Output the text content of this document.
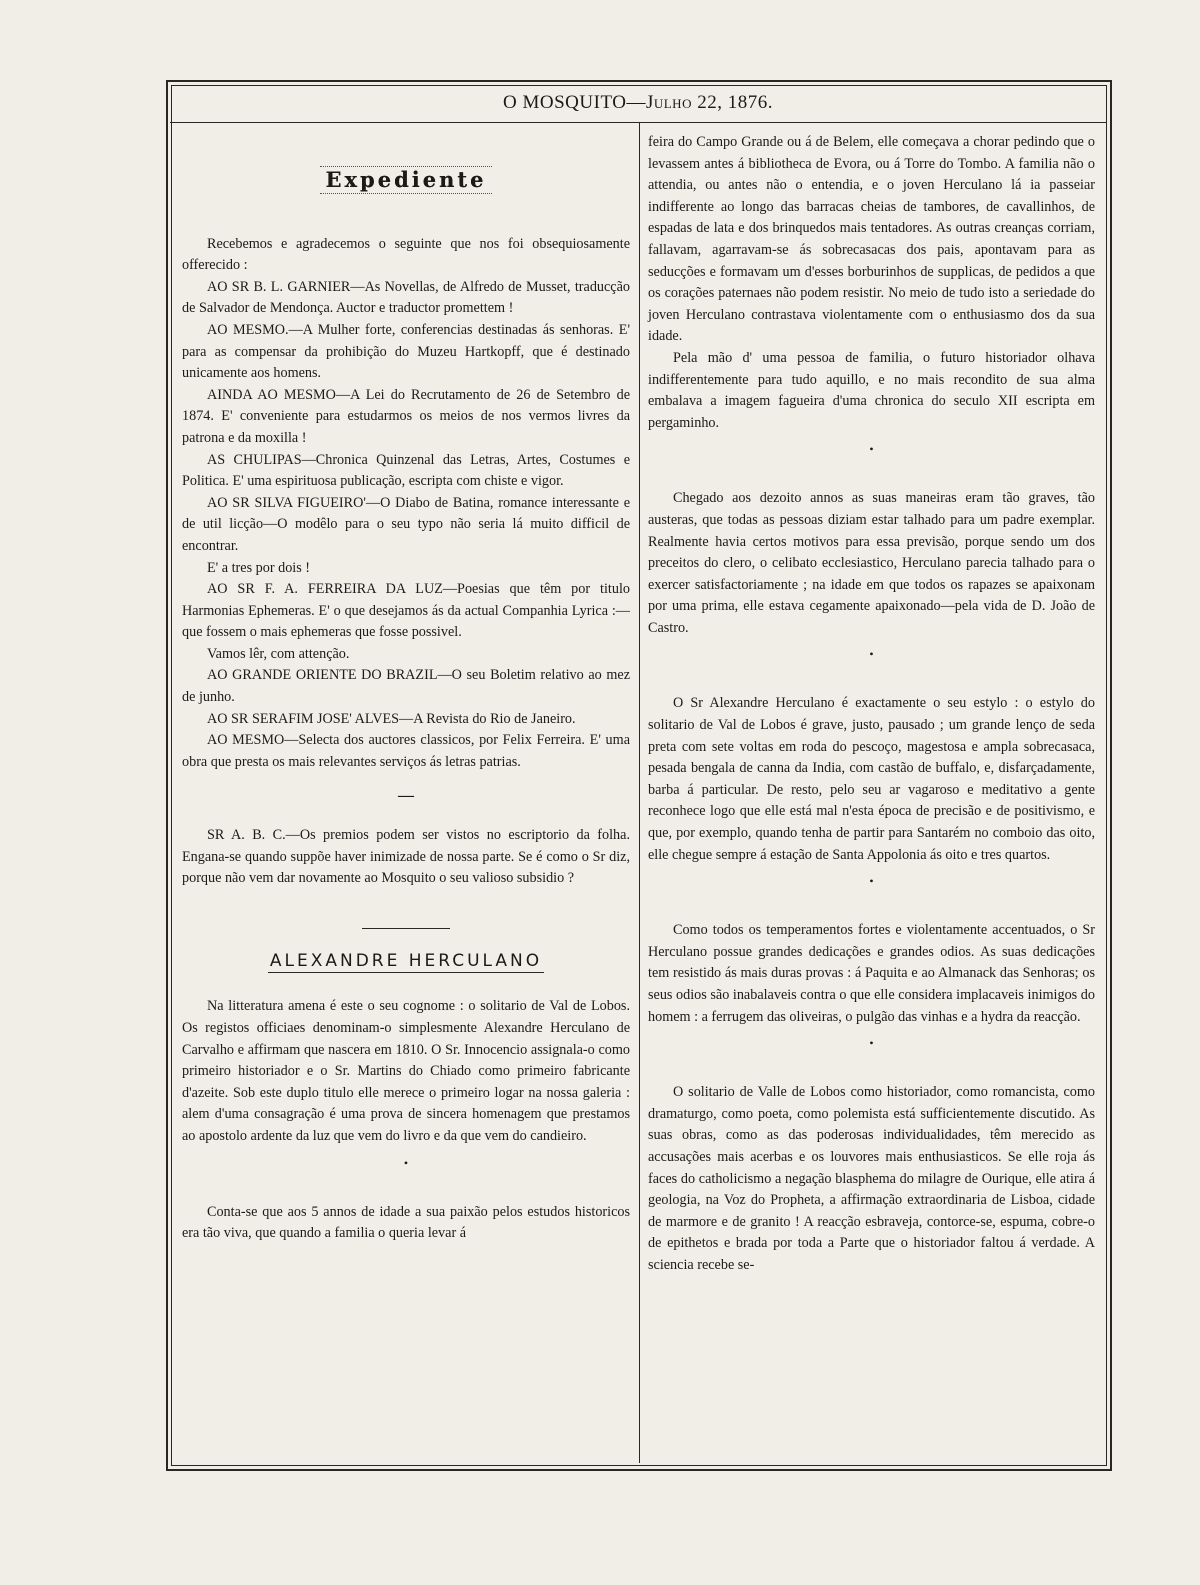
O MOSQUITO—Julho 22, 1876.
Expediente

Recebemos e agradecemos o seguinte que nos foi obsequiosamente offerecido :

AO SR B. L. GARNIER—As Novellas, de Alfredo de Musset, traducção de Salvador de Mendonça. Auctor e traductor promettem !

AO MESMO.—A Mulher forte, conferencias destinadas ás senhoras. E' para as compensar da prohibição do Muzeu Hartkopff, que é destinado unicamente aos homens.

AINDA AO MESMO—A Lei do Recrutamento de 26 de Setembro de 1874. E' conveniente para estudarmos os meios de nos vermos livres da patrona e da moxilla !

AS CHULIPAS—Chronica Quinzenal das Letras, Artes, Costumes e Politica. E' uma espirituosa publicação, escripta com chiste e vigor.

AO SR SILVA FIGUEIRO'—O Diabo de Batina, romance interessante e de util licção—O modêlo para o seu typo não seria lá muito difficil de encontrar.

E' a tres por dois !

AO SR F. A. FERREIRA DA LUZ—Poesias que têm por titulo Harmonias Ephemeras. E' o que desejamos ás da actual Companhia Lyrica :—que fossem o mais ephemeras que fosse possivel.

Vamos lêr, com attenção.

AO GRANDE ORIENTE DO BRAZIL—O seu Boletim relativo ao mez de junho.

AO SR SERAFIM JOSE' ALVES—A Revista do Rio de Janeiro.

AO MESMO—Selecta dos auctores classicos, por Felix Ferreira. E' uma obra que presta os mais relevantes serviços ás letras patrias.

—

SR A. B. C.—Os premios podem ser vistos no escriptorio da folha. Engana-se quando suppõe haver inimizade de nossa parte. Se é como o Sr diz, porque não vem dar novamente ao Mosquito o seu valioso subsidio ?

ALEXANDRE HERCULANO

Na litteratura amena é este o seu cognome : o solitario de Val de Lobos. Os registos officiaes denominam-o simplesmente Alexandre Herculano de Carvalho e affirmam que nascera em 1810. O Sr. Innocencio assignala-o como primeiro historiador e o Sr. Martins do Chiado como primeiro fabricante d'azeite. Sob este duplo titulo elle merece o primeiro logar na nossa galeria : alem d'uma consagração é uma prova de sincera homenagem que prestamos ao apostolo ardente da luz que vem do livro e da que vem do candieiro.

•

Conta-se que aos 5 annos de idade a sua paixão pelos estudos historicos era tão viva, que quando a familia o queria levar á

feira do Campo Grande ou á de Belem, elle começava a chorar pedindo que o levassem antes á bibliotheca de Evora, ou á Torre do Tombo. A familia não o attendia, ou antes não o entendia, e o joven Herculano lá ia passeiar indifferente ao longo das barracas cheias de tambores, de cavallinhos, de espadas de lata e dos brinquedos mais tentadores. As outras creanças corriam, fallavam, agarravam-se ás sobrecasacas dos pais, apontavam para as seducções e formavam um d'esses borburinhos de supplicas, de pedidos a que os corações paternaes não podem resistir. No meio de tudo isto a seriedade do joven Herculano contrastava violentamente com o enthusiasmo dos da sua idade.

Pela mão d' uma pessoa de familia, o futuro historiador olhava indifferentemente para tudo aquillo, e no mais recondito de sua alma embalava a imagem fagueira d'uma chronica do seculo XII escripta em pergaminho.

•

Chegado aos dezoito annos as suas maneiras eram tão graves, tão austeras, que todas as pessoas diziam estar talhado para um padre exemplar. Realmente havia certos motivos para essa previsão, porque sendo um dos preceitos do clero, o celibato ecclesiastico, Herculano parecia talhado para o exercer satisfactoriamente ; na idade em que todos os rapazes se apaixonam por uma prima, elle estava cegamente apaixonado—pela vida de D. João de Castro.

•

O Sr Alexandre Herculano é exactamente o seu estylo : o estylo do solitario de Val de Lobos é grave, justo, pausado ; um grande lenço de seda preta com sete voltas em roda do pescoço, magestosa e ampla sobrecasaca, pesada bengala de canna da India, com castão de buffalo, e, disfarçadamente, barba á particular. De resto, pelo seu ar vagaroso e meditativo a gente reconhece logo que elle está mal n'esta época de precisão e de positivismo, e que, por exemplo, quando tenha de partir para Santarém no comboio das oito, elle chegue sempre á estação de Santa Appolonia ás oito e tres quartos.

•

Como todos os temperamentos fortes e violentamente accentuados, o Sr Herculano possue grandes dedicações e grandes odios. As suas dedicações tem resistido ás mais duras provas : á Paquita e ao Almanack das Senhoras; os seus odios são inabalaveis contra o que elle considera implacaveis inimigos do homem : a ferrugem das oliveiras, o pulgão das vinhas e a hydra da reacção.

•

O solitario de Valle de Lobos como historiador, como romancista, como dramaturgo, como poeta, como polemista está sufficientemente discutido. As suas obras, como as das poderosas individualidades, têm merecido as accusações mais acerbas e os louvores mais enthusiasticos. Se elle roja ás faces do catholicismo a negação blasphema do milagre de Ourique, elle atira á geologia, na Voz do Propheta, a affirmação extraordinaria de Lisboa, cidade de marmore e de granito ! A reacção esbraveja, contorce-se, espuma, cobre-o de epithetos e brada por toda a Parte que o historiador faltou á verdade. A sciencia recebe se-
